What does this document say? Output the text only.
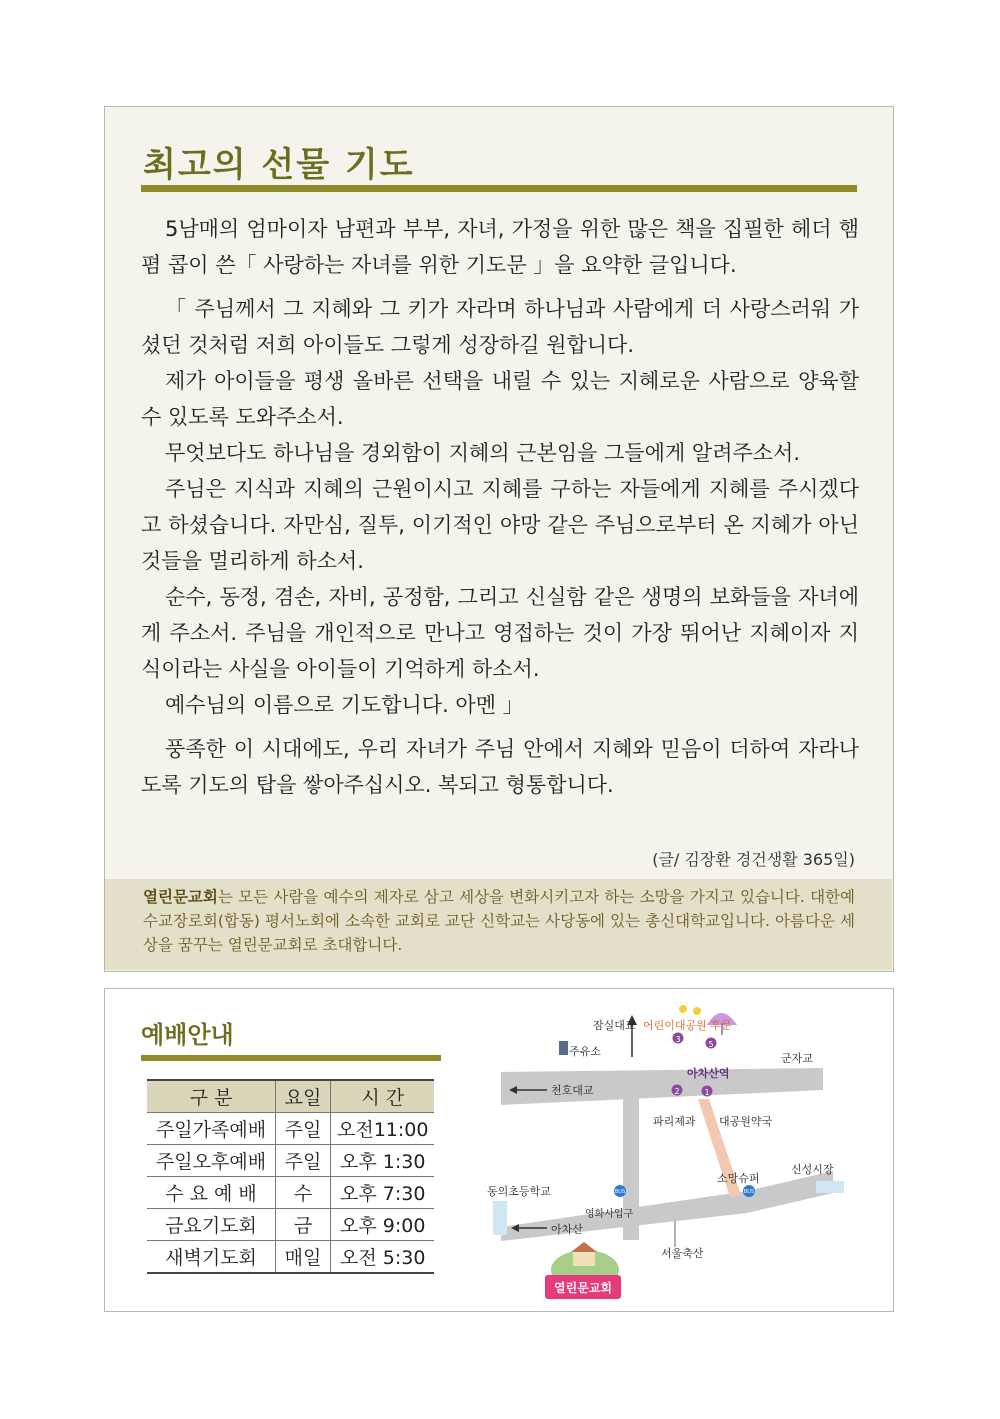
최고의 선물 기도

5남매의 엄마이자 남편과 부부, 자녀, 가정을 위한 많은 책을 집필한 헤더 햄폄 콥이 쓴「 사랑하는 자녀를 위한 기도문 」을 요약한 글입니다.

「 주님께서 그 지혜와 그 키가 자라며 하나님과 사람에게 더 사랑스러워 가셨던 것처럼 저희 아이들도 그렇게 성장하길 원합니다.

제가 아이들을 평생 올바른 선택을 내릴 수 있는 지혜로운 사람으로 양육할 수 있도록 도와주소서.

무엇보다도 하나님을 경외함이 지혜의 근본임을 그들에게 알려주소서.

주님은 지식과 지혜의 근원이시고 지혜를 구하는 자들에게 지혜를 주시겠다고 하셨습니다. 자만심, 질투, 이기적인 야망 같은 주님으로부터 온 지혜가 아닌 것들을 멀리하게 하소서.

순수, 동정, 겸손, 자비, 공정함, 그리고 신실함 같은 생명의 보화들을 자녀에게 주소서. 주님을 개인적으로 만나고 영접하는 것이 가장 뛰어난 지혜이자 지식이라는 사실을 아이들이 기억하게 하소서.

예수님의 이름으로 기도합니다. 아멘 」

풍족한 이 시대에도, 우리 자녀가 주님 안에서 지혜와 믿음이 더하여 자라나도록 기도의 탑을 쌓아주십시오. 복되고 형통합니다.

(글/ 김장환 경건생활 365일)
열린문교회는 모든 사람을 예수의 제자로 삼고 세상을 변화시키고자 하는 소망을 가지고 있습니다. 대한예수교장로회(합동) 평서노회에 소속한 교회로 교단 신학교는 사당동에 있는 총신대학교입니다. 아름다운 세상을 꿈꾸는 열린문교회로 초대합니다.
예배안내
구 분	요일	시 간
주일가족예배	주일	오전11:00
주일오후예배	주일	오후 1:30
수 요 예 배	수	오후 7:30
금요기도회	금	오후 9:00
새벽기도회	매일	오전 5:30
3
5
2	1
BUS	BUS
열린문교회
잠실대교 어린이대공원 후문
주유소
군자교
천호대교
아차산역
파리제과 대공원약국
소망슈퍼
신성시장
동의초등학교
영화사입구
아차산
서울축산
